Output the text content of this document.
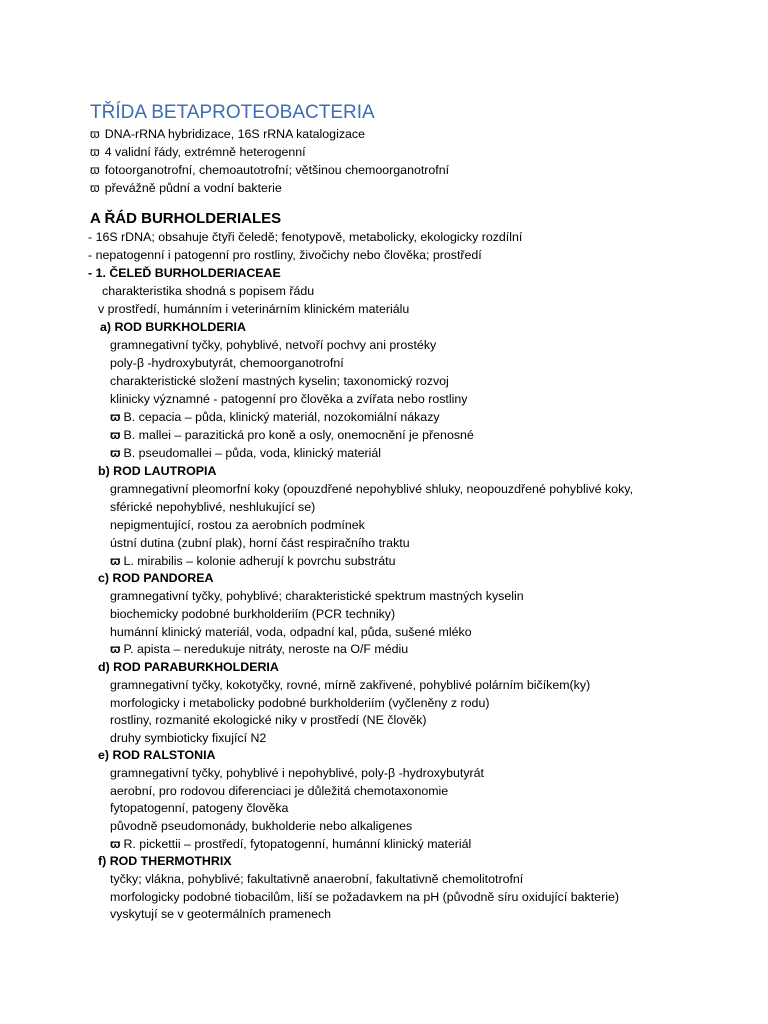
TŘÍDA BETAPROTEOBACTERIA
ϖ DNA-rRNA hybridizace, 16S rRNA katalogizace
ϖ 4 validní řády, extrémně heterogenní
ϖ fotoorganotrofní, chemoautotrofní; většinou chemoorganotrofní
ϖ převážně půdní a vodní bakterie
A ŘÁD BURHOLDERIALES
- 16S rDNA; obsahuje čtyři čeledě; fenotypově, metabolicky, ekologicky rozdílní
- nepatogenní i patogenní pro rostliny, živočichy nebo člověka; prostředí
- 1. ČELEĎ BURHOLDERIACEAE
charakteristika shodná s popisem řádu
v prostředí, humánním i veterinárním klinickém materiálu
a) ROD BURKHOLDERIA
gramnegativní tyčky, pohyblivé, netvoří pochvy ani prostéky
poly-β -hydroxybutyrát, chemoorganotrofní
charakteristické složení mastných kyselin; taxonomický rozvoj
klinicky významné - patogenní pro člověka a zvířata nebo rostliny
ϖ B. cepacia – půda, klinický materiál, nozokomiální nákazy
ϖ B. mallei – parazitická pro koně a osly, onemocnění je přenosné
ϖ B. pseudomallei – půda, voda, klinický materiál
b) ROD LAUTROPIA
gramnegativní pleomorfní koky (opouzdřené nepohyblivé shluky, neopouzdřené pohyblivé koky,
sférické nepohyblivé, neshlukující se)
nepigmentující, rostou za aerobních podmínek
ústní dutina (zubní plak), horní část respiračního traktu
ϖ L. mirabilis – kolonie adherují k povrchu substrátu
c) ROD PANDOREA
gramnegativní tyčky, pohyblivé; charakteristické spektrum mastných kyselin
biochemicky podobné burkholderiím (PCR techniky)
humánní klinický materiál, voda, odpadní kal, půda, sušené mléko
ϖ P. apista – neredukuje nitráty, neroste na O/F médiu
d) ROD PARABURKHOLDERIA
gramnegativní tyčky, kokotyčky, rovné, mírně zakřivené, pohyblivé polárním bičíkem(ky)
morfologicky i metabolicky podobné burkholderiím (vyčleněny z rodu)
rostliny, rozmanité ekologické niky v prostředí (NE člověk)
druhy symbioticky fixující N2
e) ROD RALSTONIA
gramnegativní tyčky, pohyblivé i nepohyblivé, poly-β -hydroxybutyrát
aerobní, pro rodovou diferenciaci je důležitá chemotaxonomie
fytopatogenní, patogeny člověka
původně pseudomonády, bukholderie nebo alkaligenes
ϖ R. pickettii – prostředí, fytopatogenní, humánní klinický materiál
f) ROD THERMOTHRIX
tyčky; vlákna, pohyblivé; fakultativně anaerobní, fakultativně chemolitotrofní
morfologicky podobné tiobacilům, liší se požadavkem na pH (původně síru oxidující bakterie)
vyskytují se v geotermálních pramenech
